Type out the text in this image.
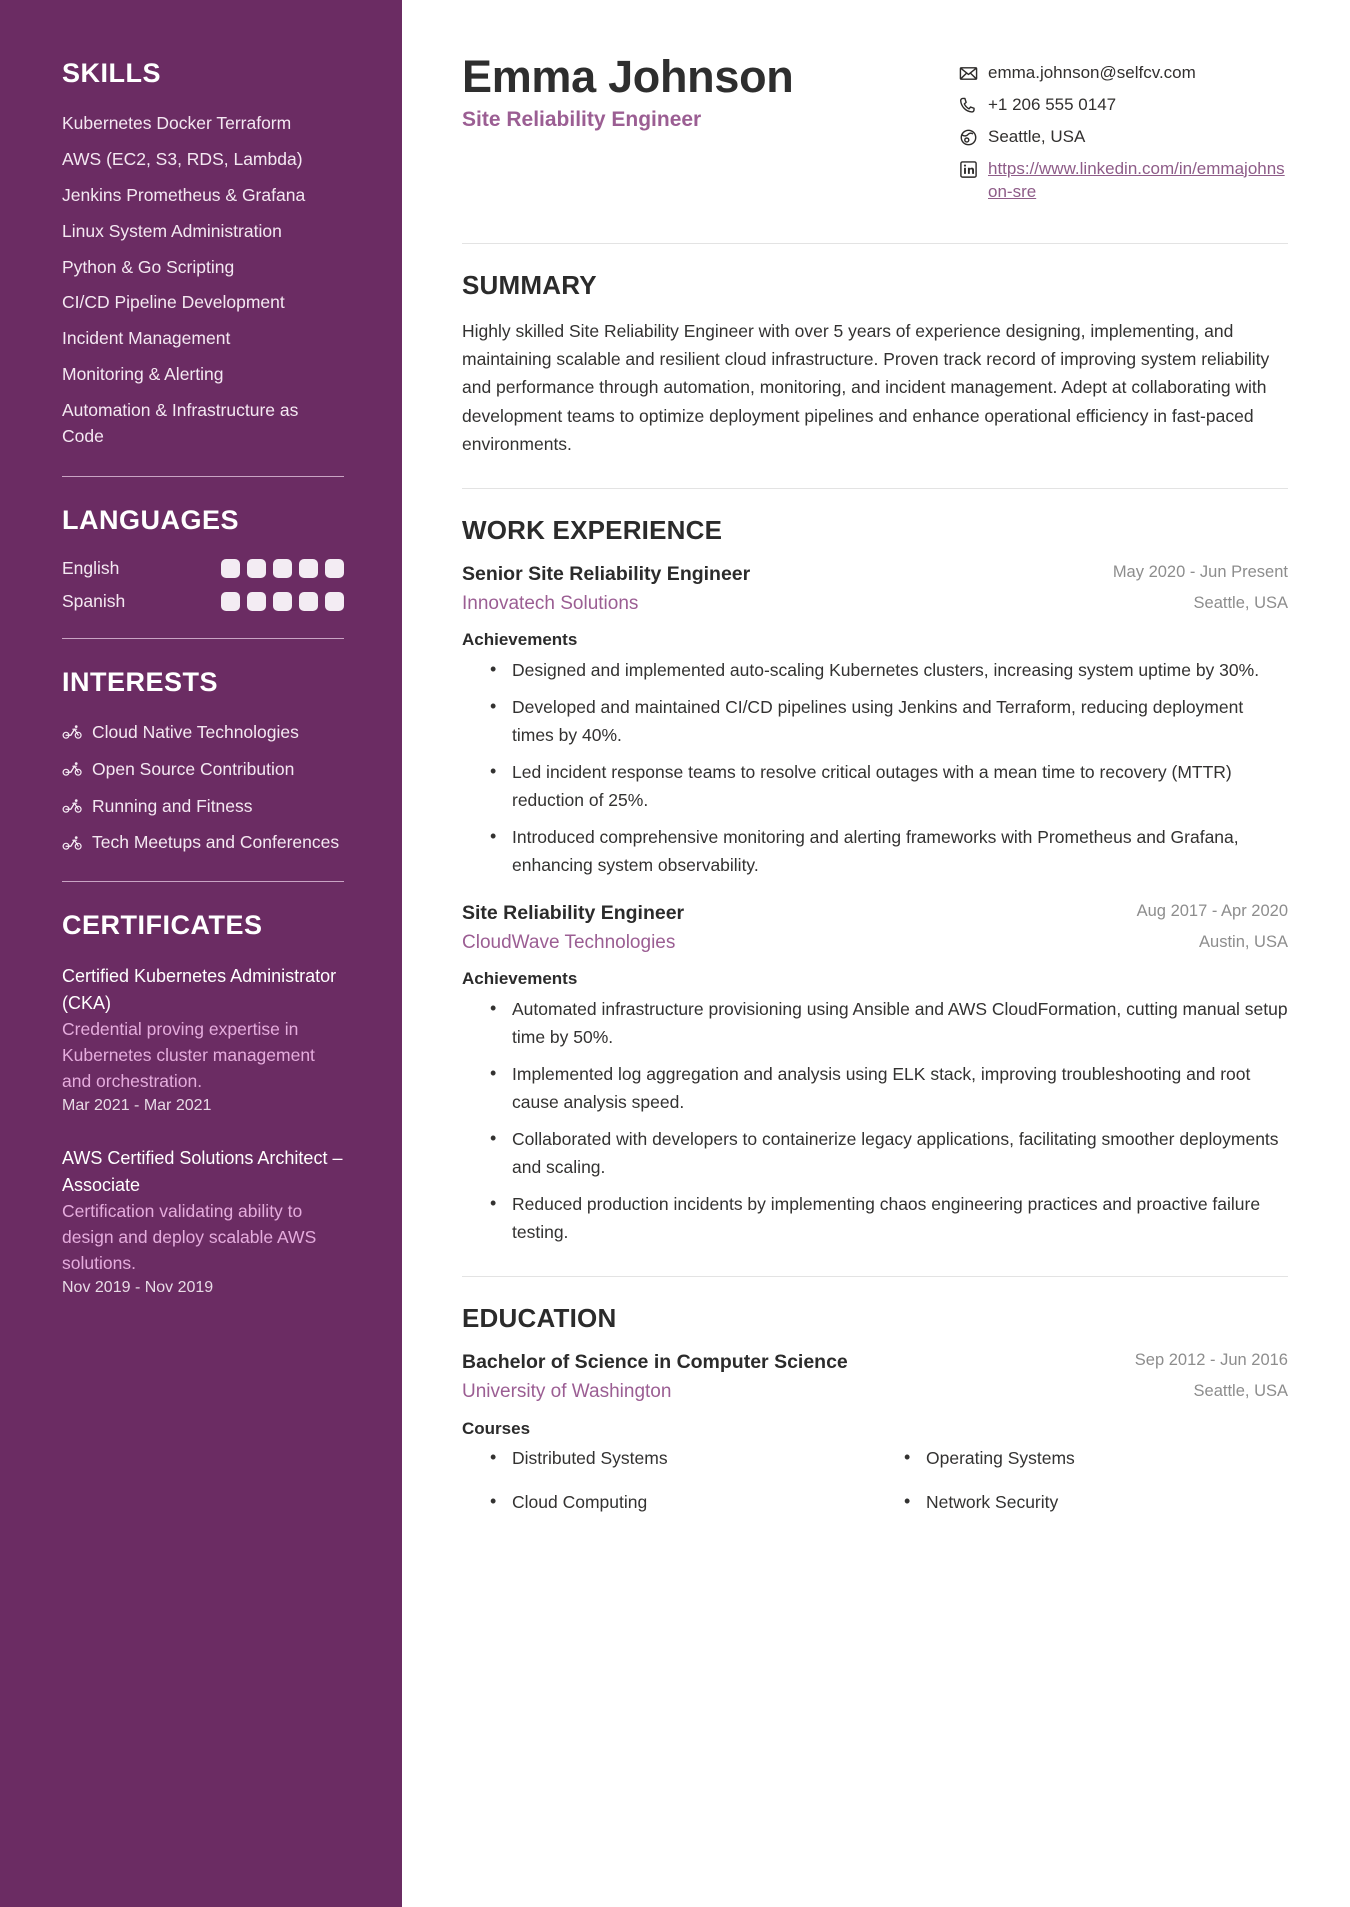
SKILLS
Kubernetes Docker Terraform
AWS (EC2, S3, RDS, Lambda)
Jenkins Prometheus & Grafana
Linux System Administration
Python & Go Scripting
CI/CD Pipeline Development
Incident Management
Monitoring & Alerting
Automation & Infrastructure as Code
LANGUAGES
English
Spanish
INTERESTS
Cloud Native Technologies
Open Source Contribution
Running and Fitness
Tech Meetups and Conferences
CERTIFICATES
Certified Kubernetes Administrator (CKA)
Credential proving expertise in Kubernetes cluster management and orchestration.
Mar 2021 - Mar 2021
AWS Certified Solutions Architect – Associate
Certification validating ability to design and deploy scalable AWS solutions.
Nov 2019 - Nov 2019
Emma Johnson
Site Reliability Engineer
emma.johnson@selfcv.com
+1 206 555 0147
Seattle, USA
https://www.linkedin.com/in/emmajohnson-sre
SUMMARY

Highly skilled Site Reliability Engineer with over 5 years of experience designing, implementing, and maintaining scalable and resilient cloud infrastructure. Proven track record of improving system reliability and performance through automation, monitoring, and incident management. Adept at collaborating with development teams to optimize deployment pipelines and enhance operational efficiency in fast-paced environments.

WORK EXPERIENCE
Senior Site Reliability Engineer
Innovatech Solutions
May 2020 - Jun Present
Seattle, USA
Achievements
• Designed and implemented auto-scaling Kubernetes clusters, increasing system uptime by 30%.
• Developed and maintained CI/CD pipelines using Jenkins and Terraform, reducing deployment times by 40%.
• Led incident response teams to resolve critical outages with a mean time to recovery (MTTR) reduction of 25%.
• Introduced comprehensive monitoring and alerting frameworks with Prometheus and Grafana, enhancing system observability.
Site Reliability Engineer
CloudWave Technologies
Aug 2017 - Apr 2020
Austin, USA
Achievements
• Automated infrastructure provisioning using Ansible and AWS CloudFormation, cutting manual setup time by 50%.
• Implemented log aggregation and analysis using ELK stack, improving troubleshooting and root cause analysis speed.
• Collaborated with developers to containerize legacy applications, facilitating smoother deployments and scaling.
• Reduced production incidents by implementing chaos engineering practices and proactive failure testing.
EDUCATION
Bachelor of Science in Computer Science
University of Washington
Sep 2012 - Jun 2016
Seattle, USA
Courses
• Distributed Systems	• Operating Systems
• Cloud Computing	• Network Security
